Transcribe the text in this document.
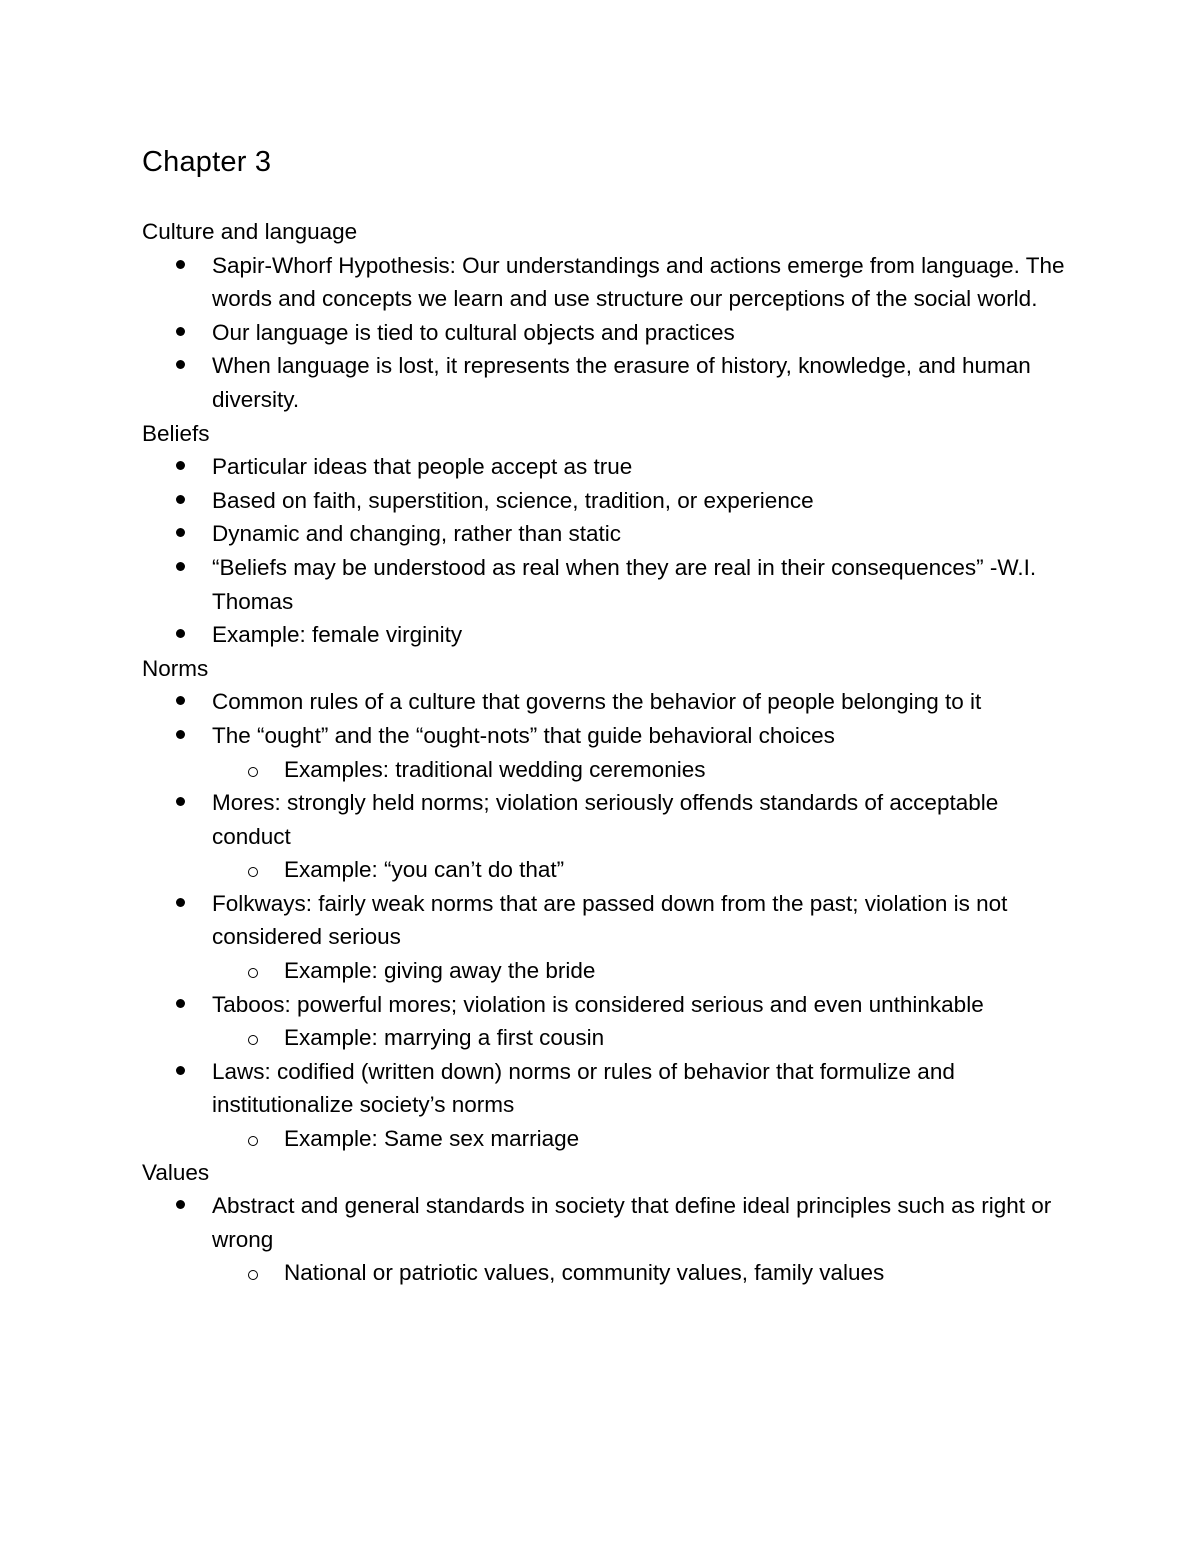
Chapter 3
Culture and language
Sapir-Whorf Hypothesis: Our understandings and actions emerge from language. The words and concepts we learn and use structure our perceptions of the social world.
Our language is tied to cultural objects and practices
When language is lost, it represents the erasure of history, knowledge, and human diversity.
Beliefs
Particular ideas that people accept as true
Based on faith, superstition, science, tradition, or experience
Dynamic and changing, rather than static
“Beliefs may be understood as real when they are real in their consequences” -W.I. Thomas
Example: female virginity
Norms
Common rules of a culture that governs the behavior of people belonging to it
The “ought” and the “ought-nots” that guide behavioral choices
Examples: traditional wedding ceremonies
Mores: strongly held norms; violation seriously offends standards of acceptable conduct
Example: “you can’t do that”
Folkways: fairly weak norms that are passed down from the past; violation is not considered serious
Example: giving away the bride
Taboos: powerful mores; violation is considered serious and even unthinkable
Example: marrying a first cousin
Laws: codified (written down) norms or rules of behavior that formulize and institutionalize society’s norms
Example: Same sex marriage
Values
Abstract and general standards in society that define ideal principles such as right or wrong
National or patriotic values, community values, family values
